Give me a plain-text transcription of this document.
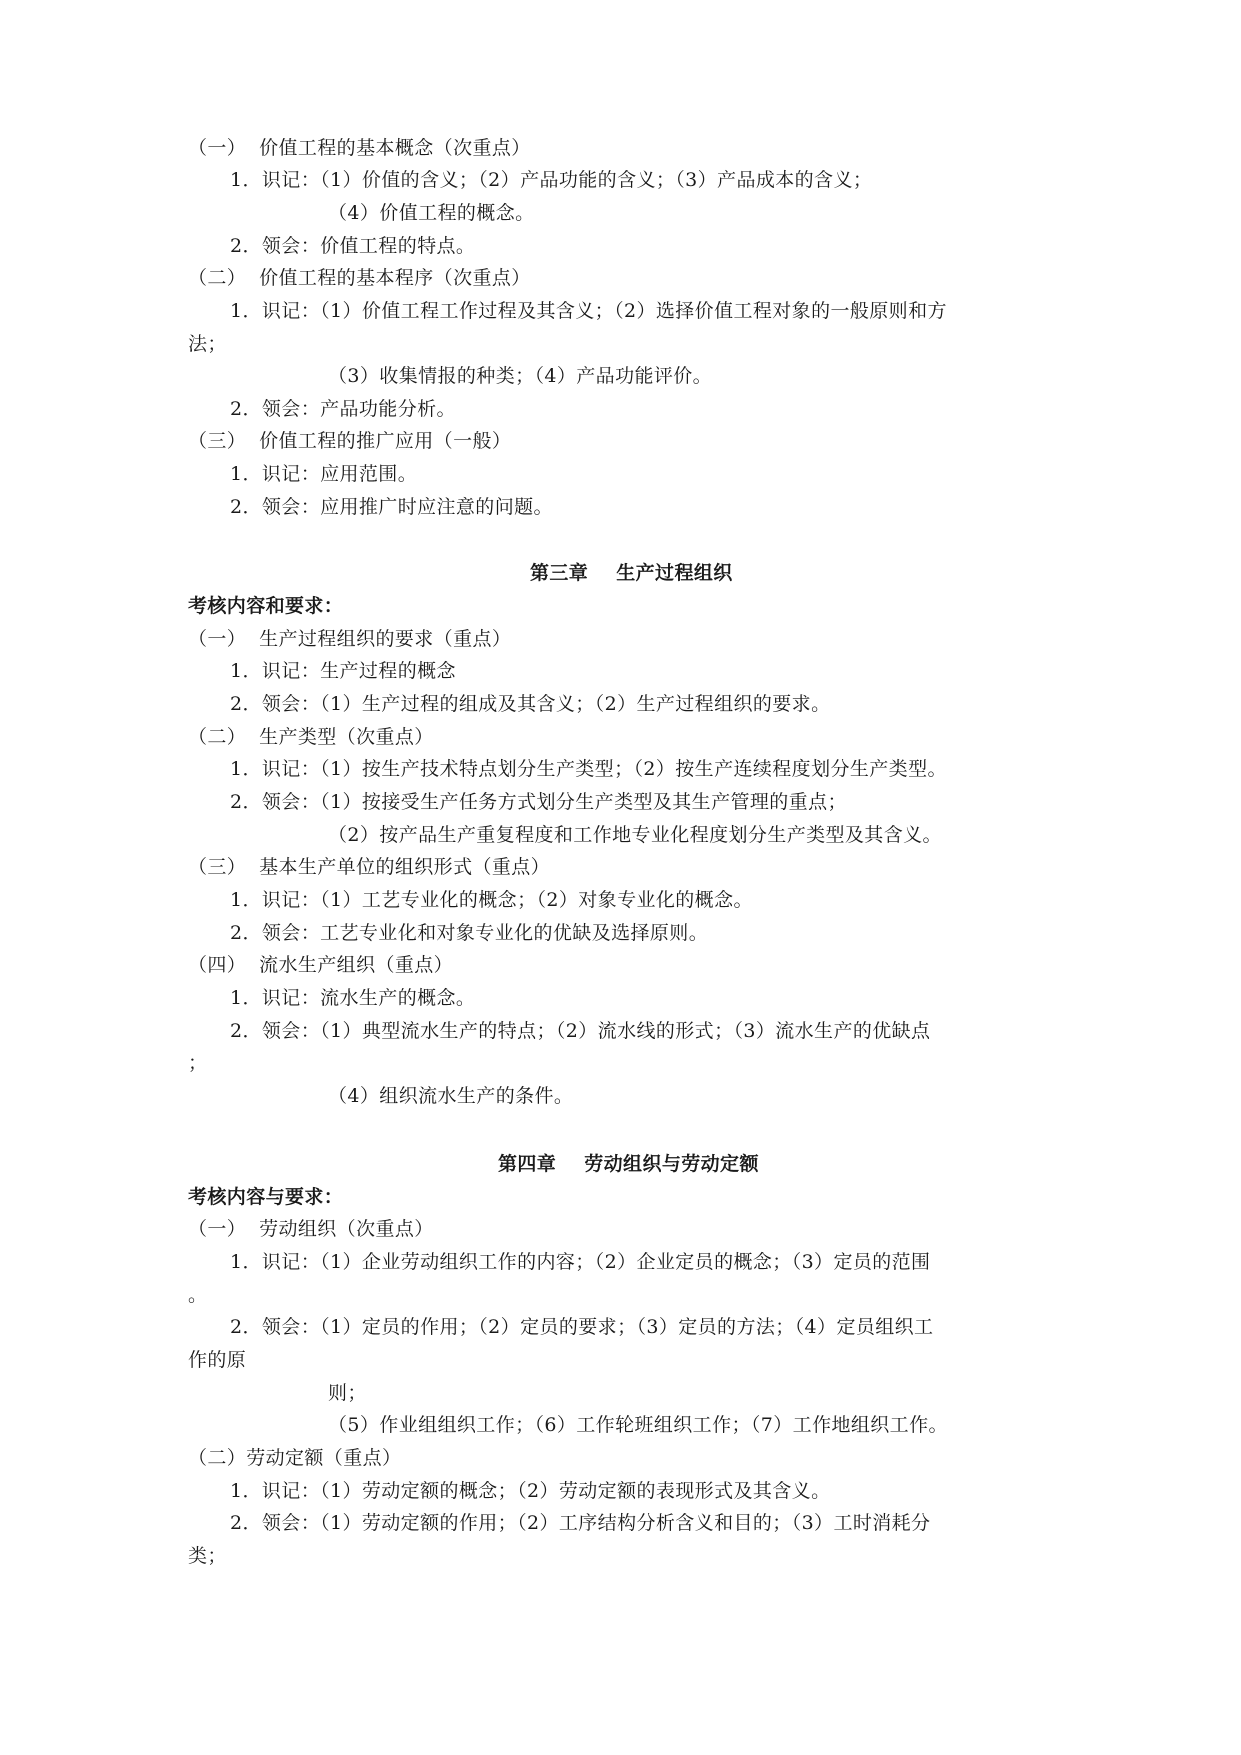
（一）  价值工程的基本概念（次重点）
1．识记：（1）价值的含义；（2）产品功能的含义；（3）产品成本的含义；
（4）价值工程的概念。
2．领会：价值工程的特点。
（二）  价值工程的基本程序（次重点）
1．识记：（1）价值工程工作过程及其含义；（2）选择价值工程对象的一般原则和方
法；
（3）收集情报的种类；（4）产品功能评价。
2．领会：产品功能分析。
（三）  价值工程的推广应用（一般）
1．识记：应用范围。
2．领会：应用推广时应注意的问题。
第三章    生产过程组织
考核内容和要求：
（一）  生产过程组织的要求（重点）
1．识记：生产过程的概念
2．领会：（1）生产过程的组成及其含义；（2）生产过程组织的要求。
（二）  生产类型（次重点）
1．识记：（1）按生产技术特点划分生产类型；（2）按生产连续程度划分生产类型。
2．领会：（1）按接受生产任务方式划分生产类型及其生产管理的重点；
（2）按产品生产重复程度和工作地专业化程度划分生产类型及其含义。
（三）  基本生产单位的组织形式（重点）
1．识记：（1）工艺专业化的概念；（2）对象专业化的概念。
2．领会：工艺专业化和对象专业化的优缺及选择原则。
（四）  流水生产组织（重点）
1．识记：流水生产的概念。
2．领会：（1）典型流水生产的特点；（2）流水线的形式；（3）流水生产的优缺点
；
（4）组织流水生产的条件。
第四章    劳动组织与劳动定额
考核内容与要求：
（一）  劳动组织（次重点）
1．识记：（1）企业劳动组织工作的内容；（2）企业定员的概念；（3）定员的范围
。
2．领会：（1）定员的作用；（2）定员的要求；（3）定员的方法；（4）定员组织工
作的原
则；
（5）作业组组织工作；（6）工作轮班组织工作；（7）工作地组织工作。
（二）劳动定额（重点）
1．识记：（1）劳动定额的概念；（2）劳动定额的表现形式及其含义。
2．领会：（1）劳动定额的作用；（2）工序结构分析含义和目的；（3）工时消耗分
类；
